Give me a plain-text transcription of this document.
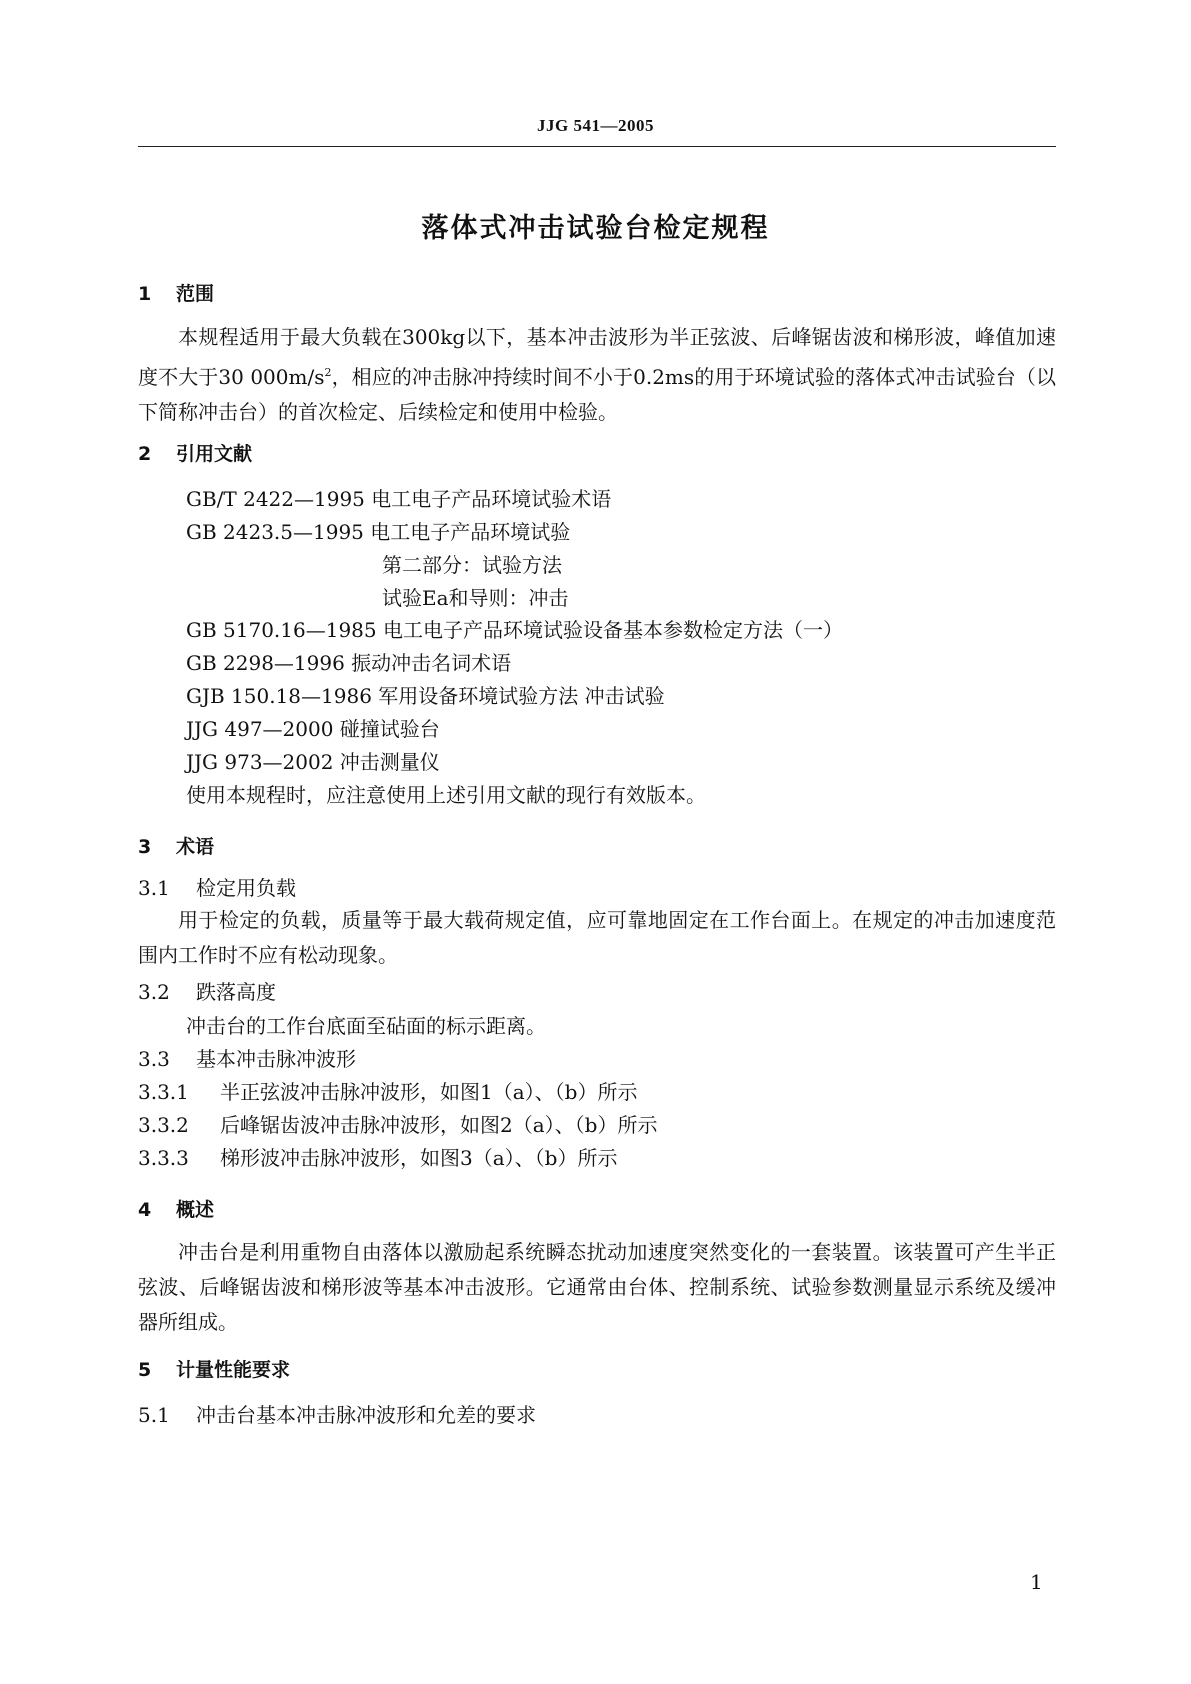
JJG 541—2005
落体式冲击试验台检定规程
1 范围
本规程适用于最大负载在300kg以下，基本冲击波形为半正弦波、后峰锯齿波和梯形波，峰值加速度不大于30 $000m/s^2$，相应的冲击脉冲持续时间不小于0.2ms的用于环境试验的落体式冲击试验台（以下简称冲击台）的首次检定、后续检定和使用中检验。
2 引用文献
GB/T 2422—1995 电工电子产品环境试验术语
GB 2423.5—1995 电工电子产品环境试验
第二部分：试验方法
试验Ea和导则：冲击
GB 5170.16—1985 电工电子产品环境试验设备基本参数检定方法（一）
GB 2298—1996 振动冲击名词术语
GJB 150.18—1986 军用设备环境试验方法 冲击试验
JJG 497—2000 碰撞试验台
JJG 973—2002 冲击测量仪
使用本规程时，应注意使用上述引用文献的现行有效版本。
3 术语
3.1 检定用负载
用于检定的负载，质量等于最大载荷规定值，应可靠地固定在工作台面上。在规定的冲击加速度范围内工作时不应有松动现象。
3.2 跌落高度
冲击台的工作台底面至砧面的标示距离。
3.3 基本冲击脉冲波形
3.3.1 半正弦波冲击脉冲波形，如图1（a）、（b）所示
3.3.2 后峰锯齿波冲击脉冲波形，如图2（a）、（b）所示
3.3.3 梯形波冲击脉冲波形，如图3（a）、（b）所示
4 概述
冲击台是利用重物自由落体以激励起系统瞬态扰动加速度突然变化的一套装置。该装置可产生半正弦波、后峰锯齿波和梯形波等基本冲击波形。它通常由台体、控制系统、试验参数测量显示系统及缓冲器所组成。
5 计量性能要求
5.1 冲击台基本冲击脉冲波形和允差的要求
1
